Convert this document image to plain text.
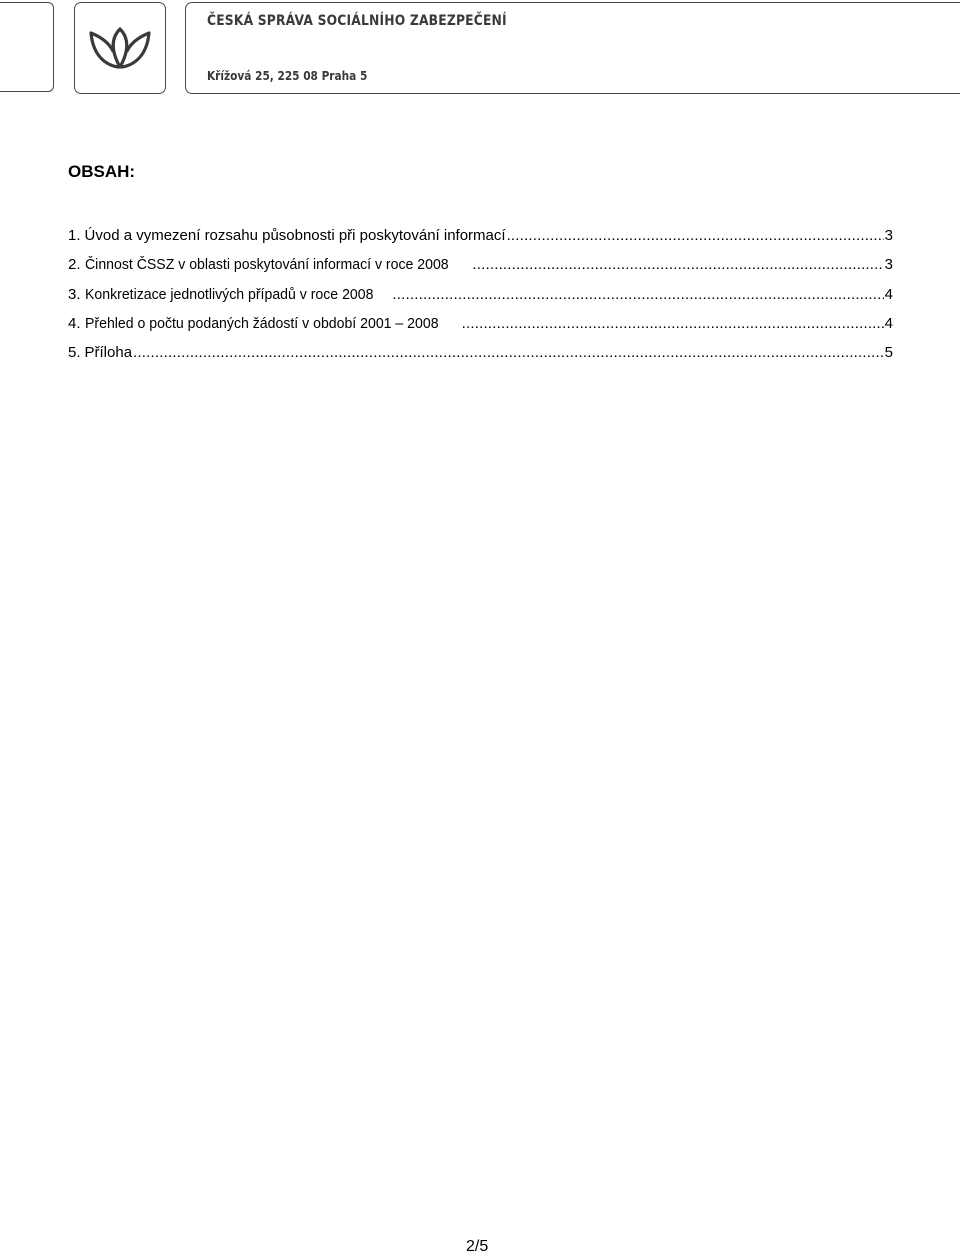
ČESKÁ SPRÁVA SOCIÁLNÍHO ZABEZPEČENÍ
Křížová 25, 225 08 Praha 5
OBSAH:
1. Úvod a vymezení rozsahu působnosti při poskytování informací .....	3
2. Činnost ČSSZ v oblasti poskytování informací v roce 2008 .....	3
3. Konkretizace jednotlivých případů v roce 2008 .....	4
4. Přehled o počtu podaných žádostí v období 2001 – 2008 .....	4
5. Příloha .....	5
2/5
